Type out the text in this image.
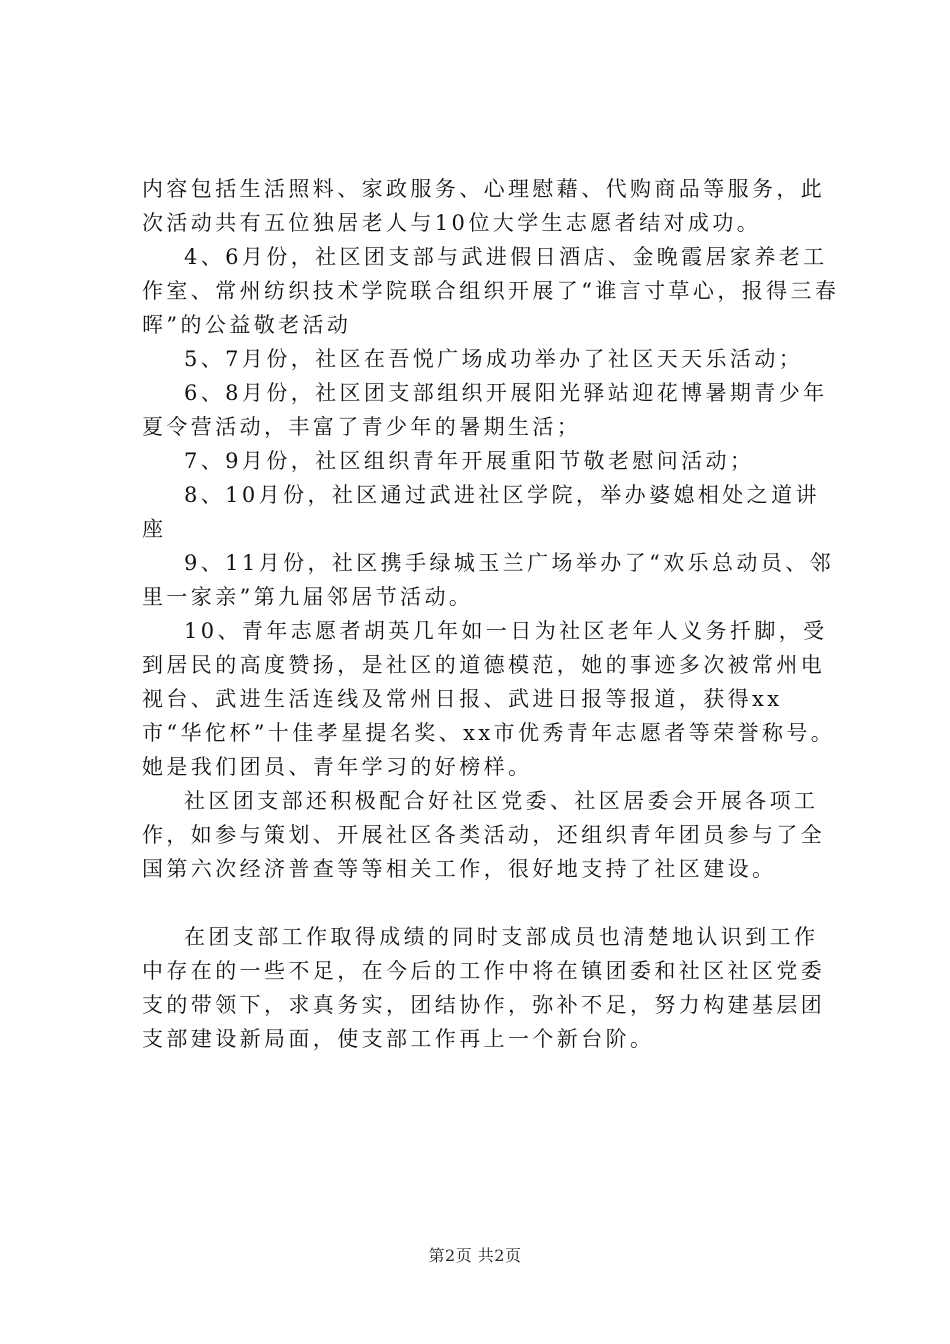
内容包括生活照料、家政服务、心理慰藉、代购商品等服务，此次活动共有五位独居老人与10位大学生志愿者结对成功。

4、6月份，社区团支部与武进假日酒店、金晚霞居家养老工作室、常州纺织技术学院联合组织开展了“谁言寸草心，报得三春晖”的公益敬老活动

5、7月份，社区在吾悦广场成功举办了社区天天乐活动；

6、8月份，社区团支部组织开展阳光驿站迎花博暑期青少年夏令营活动，丰富了青少年的暑期生活；

7、9月份，社区组织青年开展重阳节敬老慰问活动；

8、10月份，社区通过武进社区学院，举办婆媳相处之道讲座

9、11月份，社区携手绿城玉兰广场举办了“欢乐总动员、邻里一家亲”第九届邻居节活动。

10、青年志愿者胡英几年如一日为社区老年人义务扦脚，受到居民的高度赞扬，是社区的道德模范，她的事迹多次被常州电视台、武进生活连线及常州日报、武进日报等报道，获得xx市“华佗杯”十佳孝星提名奖、xx市优秀青年志愿者等荣誉称号。她是我们团员、青年学习的好榜样。

社区团支部还积极配合好社区党委、社区居委会开展各项工作，如参与策划、开展社区各类活动，还组织青年团员参与了全国第六次经济普查等等相关工作，很好地支持了社区建设。

在团支部工作取得成绩的同时支部成员也清楚地认识到工作中存在的一些不足，在今后的工作中将在镇团委和社区社区党委支的带领下，求真务实，团结协作，弥补不足，努力构建基层团支部建设新局面，使支部工作再上一个新台阶。

第2页 共2页
